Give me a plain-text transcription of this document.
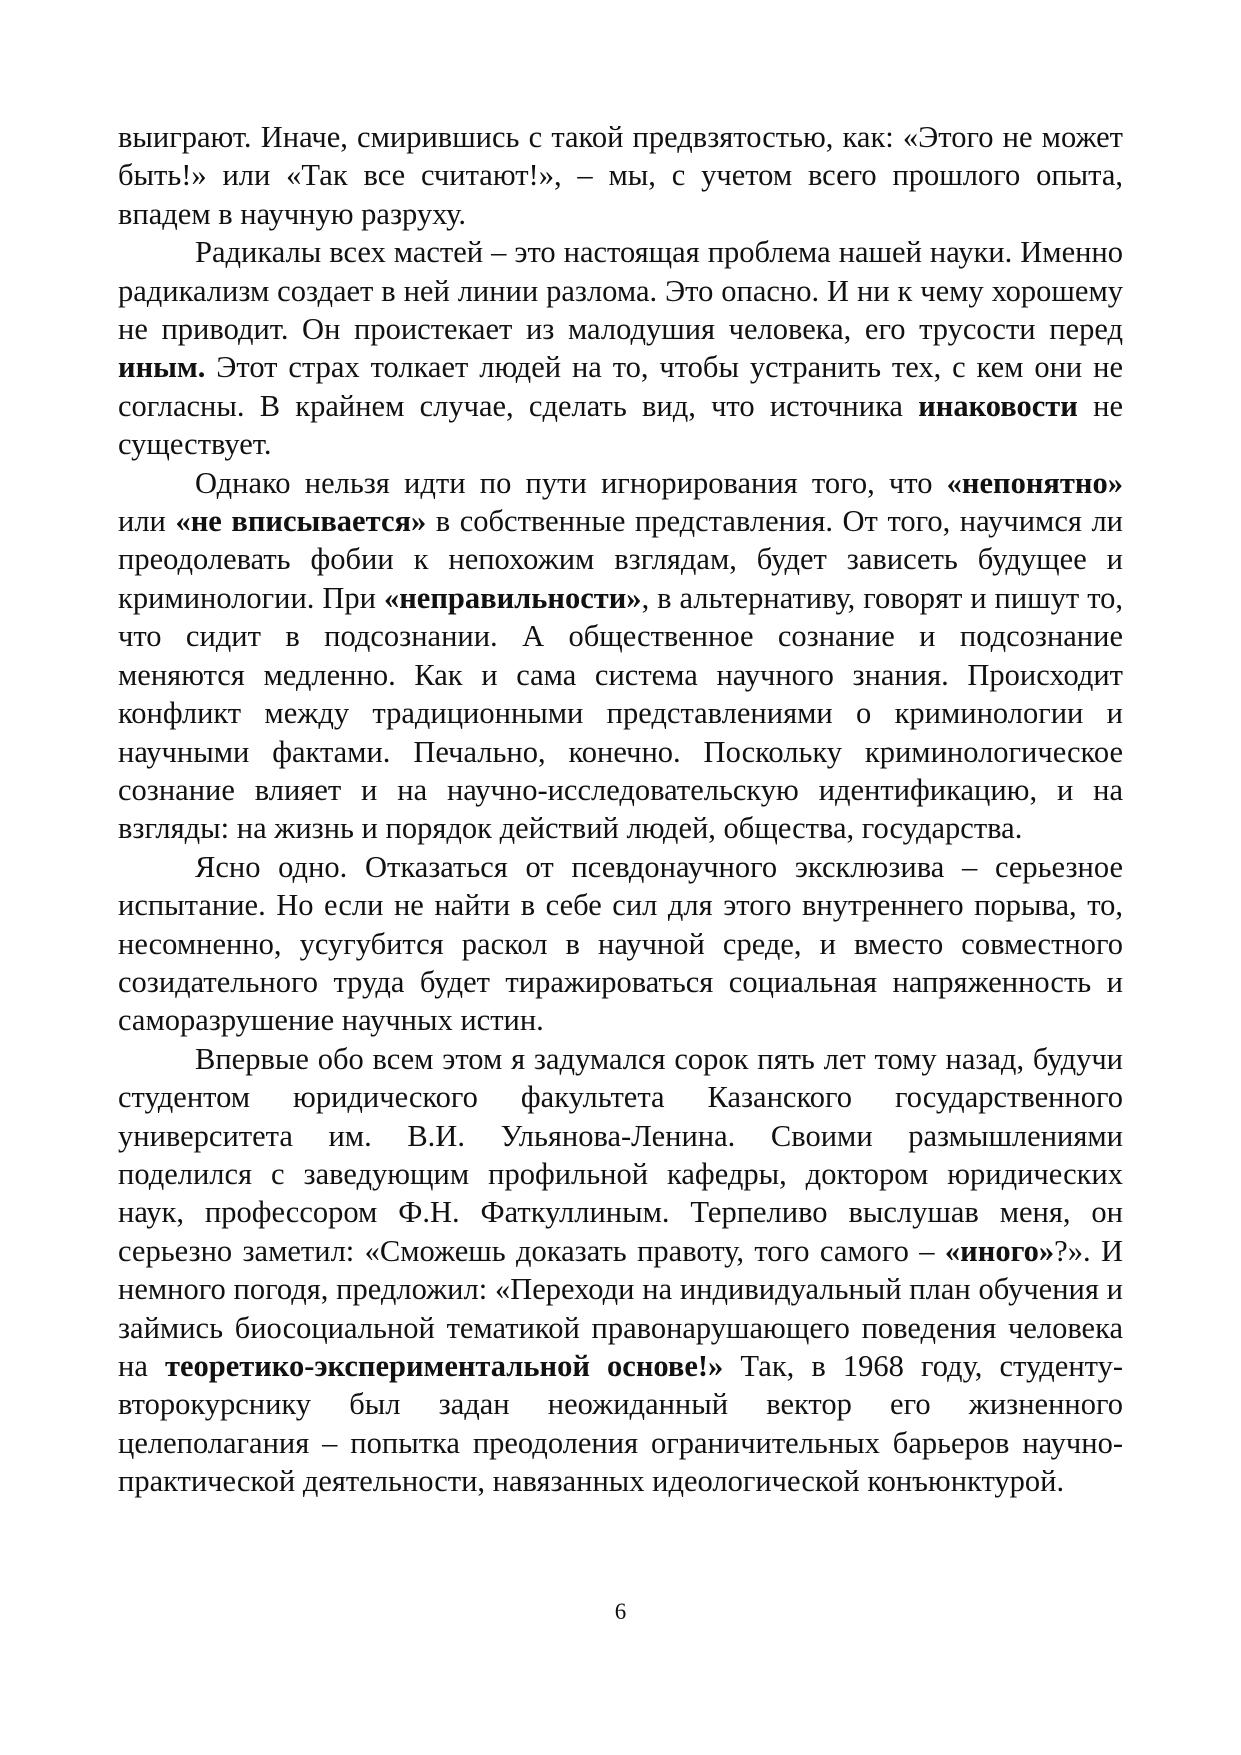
выиграют. Иначе, смирившись с такой предвзятостью, как: «Этого не может быть!» или «Так все считают!», – мы, с учетом всего прошлого опыта, впадем в научную разруху.

Радикалы всех мастей – это настоящая проблема нашей науки. Именно радикализм создает в ней линии разлома. Это опасно. И ни к чему хорошему не приводит. Он проистекает из малодушия человека, его трусости перед иным. Этот страх толкает людей на то, чтобы устранить тех, с кем они не согласны. В крайнем случае, сделать вид, что источника инаковости не существует.

Однако нельзя идти по пути игнорирования того, что «непонятно» или «не вписывается» в собственные представления. От того, научимся ли преодолевать фобии к непохожим взглядам, будет зависеть будущее и криминологии. При «неправильности», в альтернативу, говорят и пишут то, что сидит в подсознании. А общественное сознание и подсознание меняются медленно. Как и сама система научного знания. Происходит конфликт между традиционными представлениями о криминологии и научными фактами. Печально, конечно. Поскольку криминологическое сознание влияет и на научно-исследовательскую идентификацию, и на взгляды: на жизнь и порядок действий людей, общества, государства.

Ясно одно. Отказаться от псевдонаучного эксклюзива – серьезное испытание. Но если не найти в себе сил для этого внутреннего порыва, то, несомненно, усугубится раскол в научной среде, и вместо совместного созидательного труда будет тиражироваться социальная напряженность и саморазрушение научных истин.

Впервые обо всем этом я задумался сорок пять лет тому назад, будучи студентом юридического факультета Казанского государственного университета им. В.И. Ульянова-Ленина. Своими размышлениями поделился с заведующим профильной кафедры, доктором юридических наук, профессором Ф.Н. Фаткуллиным. Терпеливо выслушав меня, он серьезно заметил: «Сможешь доказать правоту, того самого – «иного»?». И немного погодя, предложил: «Переходи на индивидуальный план обучения и займись биосоциальной тематикой правонарушающего поведения человека на теоретико-экспериментальной основе!» Так, в 1968 году, студенту-второкурснику был задан неожиданный вектор его жизненного целеполагания – попытка преодоления ограничительных барьеров научно-практической деятельности, навязанных идеологической конъюнктурой.

6
